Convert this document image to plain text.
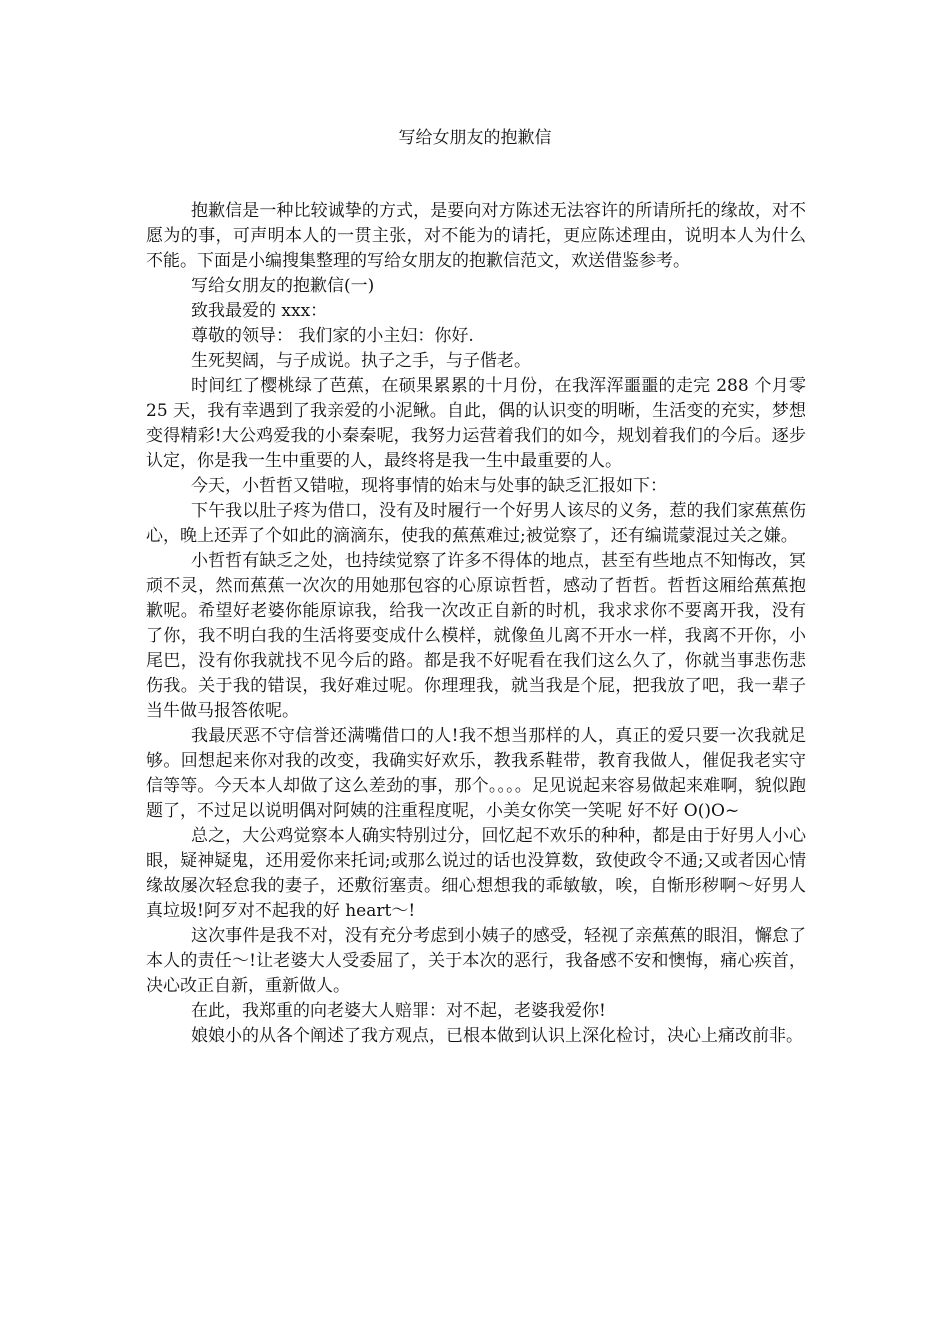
写给女朋友的抱歉信

抱歉信是一种比较诚挚的方式，是要向对方陈述无法容许的所请所托的缘故，对不愿为的事，可声明本人的一贯主张，对不能为的请托，更应陈述理由，说明本人为什么不能。下面是小编搜集整理的写给女朋友的抱歉信范文，欢送借鉴参考。

写给女朋友的抱歉信(一)

致我最爱的 xxx：

尊敬的领导： 我们家的小主妇：你好.

生死契阔，与子成说。执子之手，与子偕老。

时间红了樱桃绿了芭蕉，在硕果累累的十月份，在我浑浑噩噩的走完 288 个月零 25 天，我有幸遇到了我亲爱的小泥鳅。自此，偶的认识变的明晰，生活变的充实，梦想变得精彩!大公鸡爱我的小秦秦呢，我努力运营着我们的如今，规划着我们的今后。逐步认定，你是我一生中重要的人，最终将是我一生中最重要的人。

今天，小哲哲又错啦，现将事情的始末与处事的缺乏汇报如下：

下午我以肚子疼为借口，没有及时履行一个好男人该尽的义务，惹的我们家蕉蕉伤心，晚上还弄了个如此的滴滴东，使我的蕉蕉难过;被觉察了，还有编谎蒙混过关之嫌。

小哲哲有缺乏之处，也持续觉察了许多不得体的地点，甚至有些地点不知悔改，冥顽不灵，然而蕉蕉一次次的用她那包容的心原谅哲哲，感动了哲哲。哲哲这厢给蕉蕉抱歉呢。希望好老婆你能原谅我，给我一次改正自新的时机，我求求你不要离开我，没有了你，我不明白我的生活将要变成什么模样，就像鱼儿离不开水一样，我离不开你，小尾巴，没有你我就找不见今后的路。都是我不好呢看在我们这么久了，你就当事悲伤悲伤我。关于我的错误，我好难过呢。你理理我，就当我是个屁，把我放了吧，我一辈子当牛做马报答侬呢。

我最厌恶不守信誉还满嘴借口的人!我不想当那样的人，真正的爱只要一次我就足够。回想起来你对我的改变，我确实好欢乐，教我系鞋带，教育我做人，催促我老实守信等等。今天本人却做了这么差劲的事，那个。。。。足见说起来容易做起来难啊，貌似跑题了，不过足以说明偶对阿姨的注重程度呢，小美女你笑一笑呢 好不好 O()O~

总之，大公鸡觉察本人确实特别过分，回忆起不欢乐的种种，都是由于好男人小心眼，疑神疑鬼，还用爱你来托词;或那么说过的话也没算数，致使政令不通;又或者因心情缘故屡次轻怠我的妻子，还敷衍塞责。细心想想我的乖敏敏，唉，自惭形秽啊～好男人真垃圾!阿歹对不起我的好 heart～!

这次事件是我不对，没有充分考虑到小姨子的感受，轻视了亲蕉蕉的眼泪，懈怠了本人的责任～!让老婆大人受委屈了，关于本次的恶行，我备感不安和懊悔，痛心疾首，决心改正自新，重新做人。

在此，我郑重的向老婆大人赔罪：对不起，老婆我爱你!

娘娘小的从各个阐述了我方观点，已根本做到认识上深化检讨，决心上痛改前非。
